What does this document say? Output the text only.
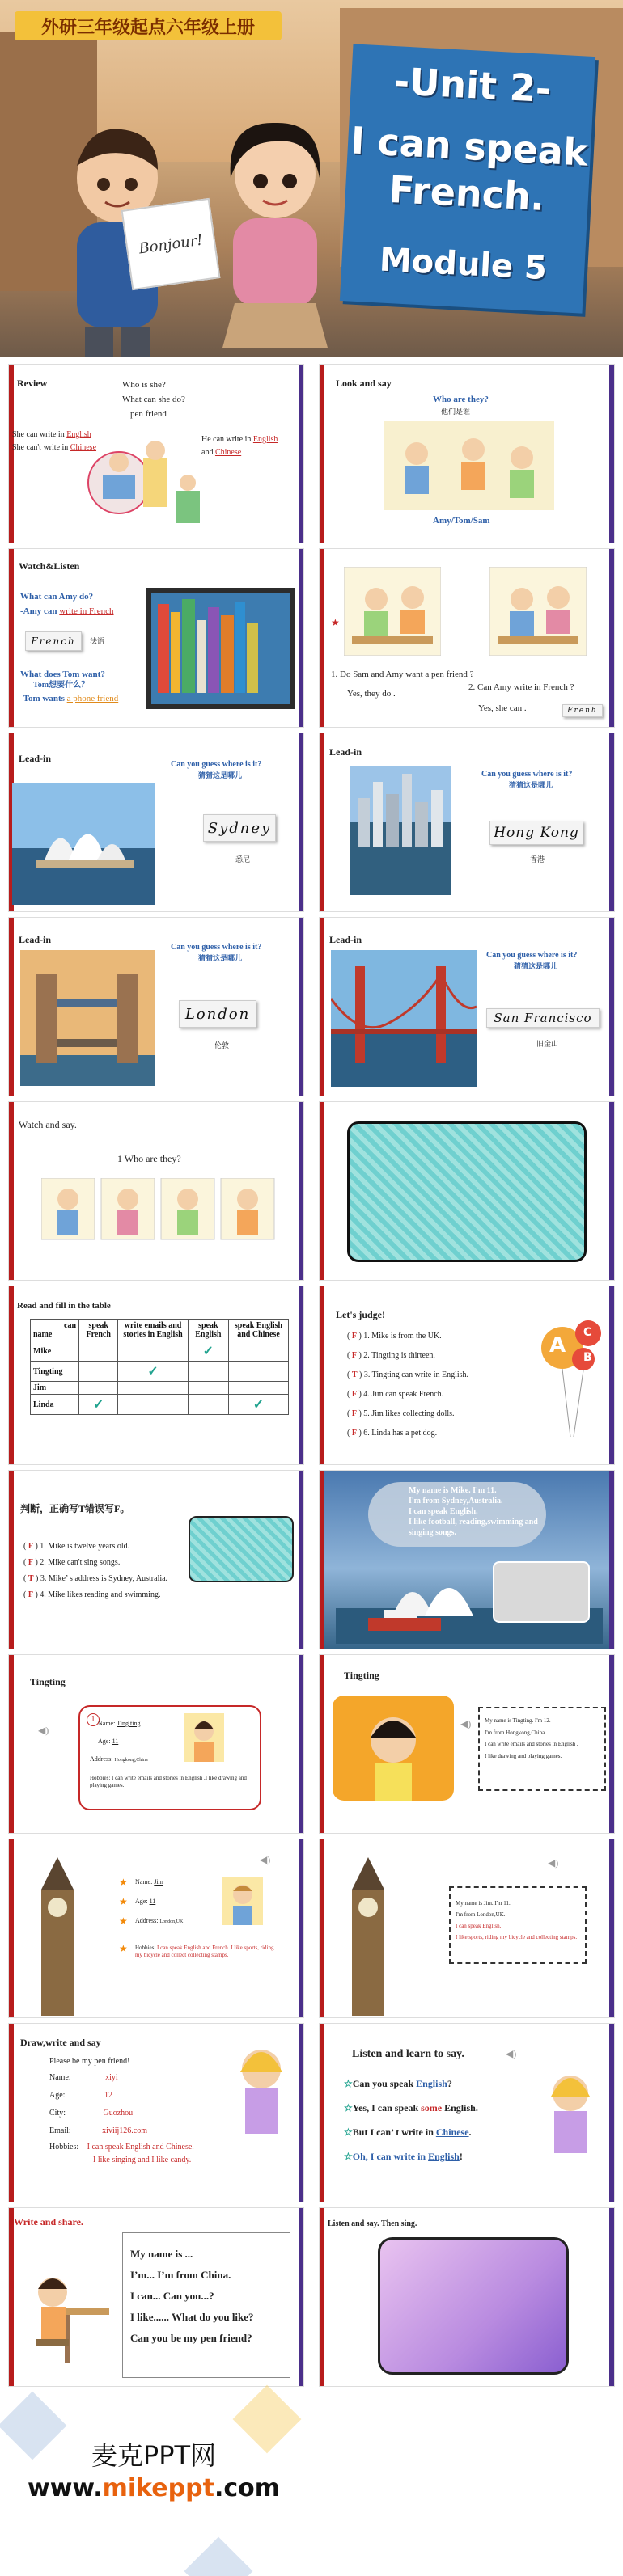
外研三年级起点六年级上册
Bonjour!
-Unit 2-
I can speak
French.
Module 5
Review	Who is she?
What can she do?
pen friend
She can write in English
She can't write in Chinese
He can write in English
and Chinese
Look and say
Who are they?
他们是谁
Amy/Tom/Sam
Watch&Listen
What can Amy do?
-Amy can write in French
French	法语
What does Tom want?
Tom想要什么？
-Tom wants a phone friend
★
1. Do Sam and Amy want a pen friend ?
Yes, they do .
2. Can Amy write in French ?
Yes, she can .	Frenh
Lead-in
Can you guess where is it?
猜猜这是哪儿
Sydney
悉尼
Lead-in
Can you guess where is it?
猜猜这是哪儿
Hong Kong
香港
Lead-in
Can you guess where is it?
猜猜这是哪儿
London
伦敦
Lead-in
Can you guess where is it?
猜猜这是哪儿
San Francisco
旧金山
Watch and say.
1 Who are they?
Read and fill in the table
can
name	speak French	write emails and stories in English	speak English	speak English and Chinese
Mike			✓	
Tingting		✓		
Jim				
Linda	✓			✓
Let's judge!
( F ) 1. Mike is from the UK.
( F ) 2. Tingting is thirteen.
( T ) 3. Tingting can write in English.
( F ) 4. Jim can speak French.
( F ) 5. Jim likes collecting dolls.
( F ) 6. Linda has a pet dog.
A B
C
判断，正确写T错误写F。
( F ) 1. Mike is twelve years old.
( F ) 2. Mike can't sing songs.
( T ) 3. Mike’ s address is Sydney, Australia.
( F ) 4. Mike likes reading and swimming.
My name is Mike. I'm 11.
I'm from Sydney,Australia.
I can speak English.
I like football, reading,swimming and
singing songs.
Tingting
◀)
1 Name: Ting ting
Age: 11
Address: Hongkong,China
Hobbies: I can write emails and stories in English ,I like drawing and playing games.
Tingting
◀) My name is Tingting. I'm 12.
I'm from Hongkong,China.
I can write emails and stories in English .
I like drawing and playing games.
◀)
★ Name: Jim
★ Age: 11
★ Address: London,UK
★ Hobbies: I can speak English and French. I like sports, riding my bicycle and collect collecting stamps.
◀)
My name is Jim. I'm 11.
I'm from London,UK.
I can speak English.
I like sports, riding my bicycle and collecting stamps.
Draw,write and say
Please be my pen friend!
Name:	xiyi
Age:	12
City:	Guozhou
Email:	xiviij126.com
Hobbies: I can speak English and Chinese.
I like singing and I like candy.
Listen and learn to say.	◀)
☆Can you speak English?
☆Yes, I can speak some English.
☆But I can’ t write in Chinese.
☆Oh, I can write in English!
Write and share.
My name is ...
I’m... I’m from China.
I can... Can you...?
I like...... What do you like?
Can you be my pen friend?
Listen and say. Then sing.
麦克PPT网
www.mikeppt.com
